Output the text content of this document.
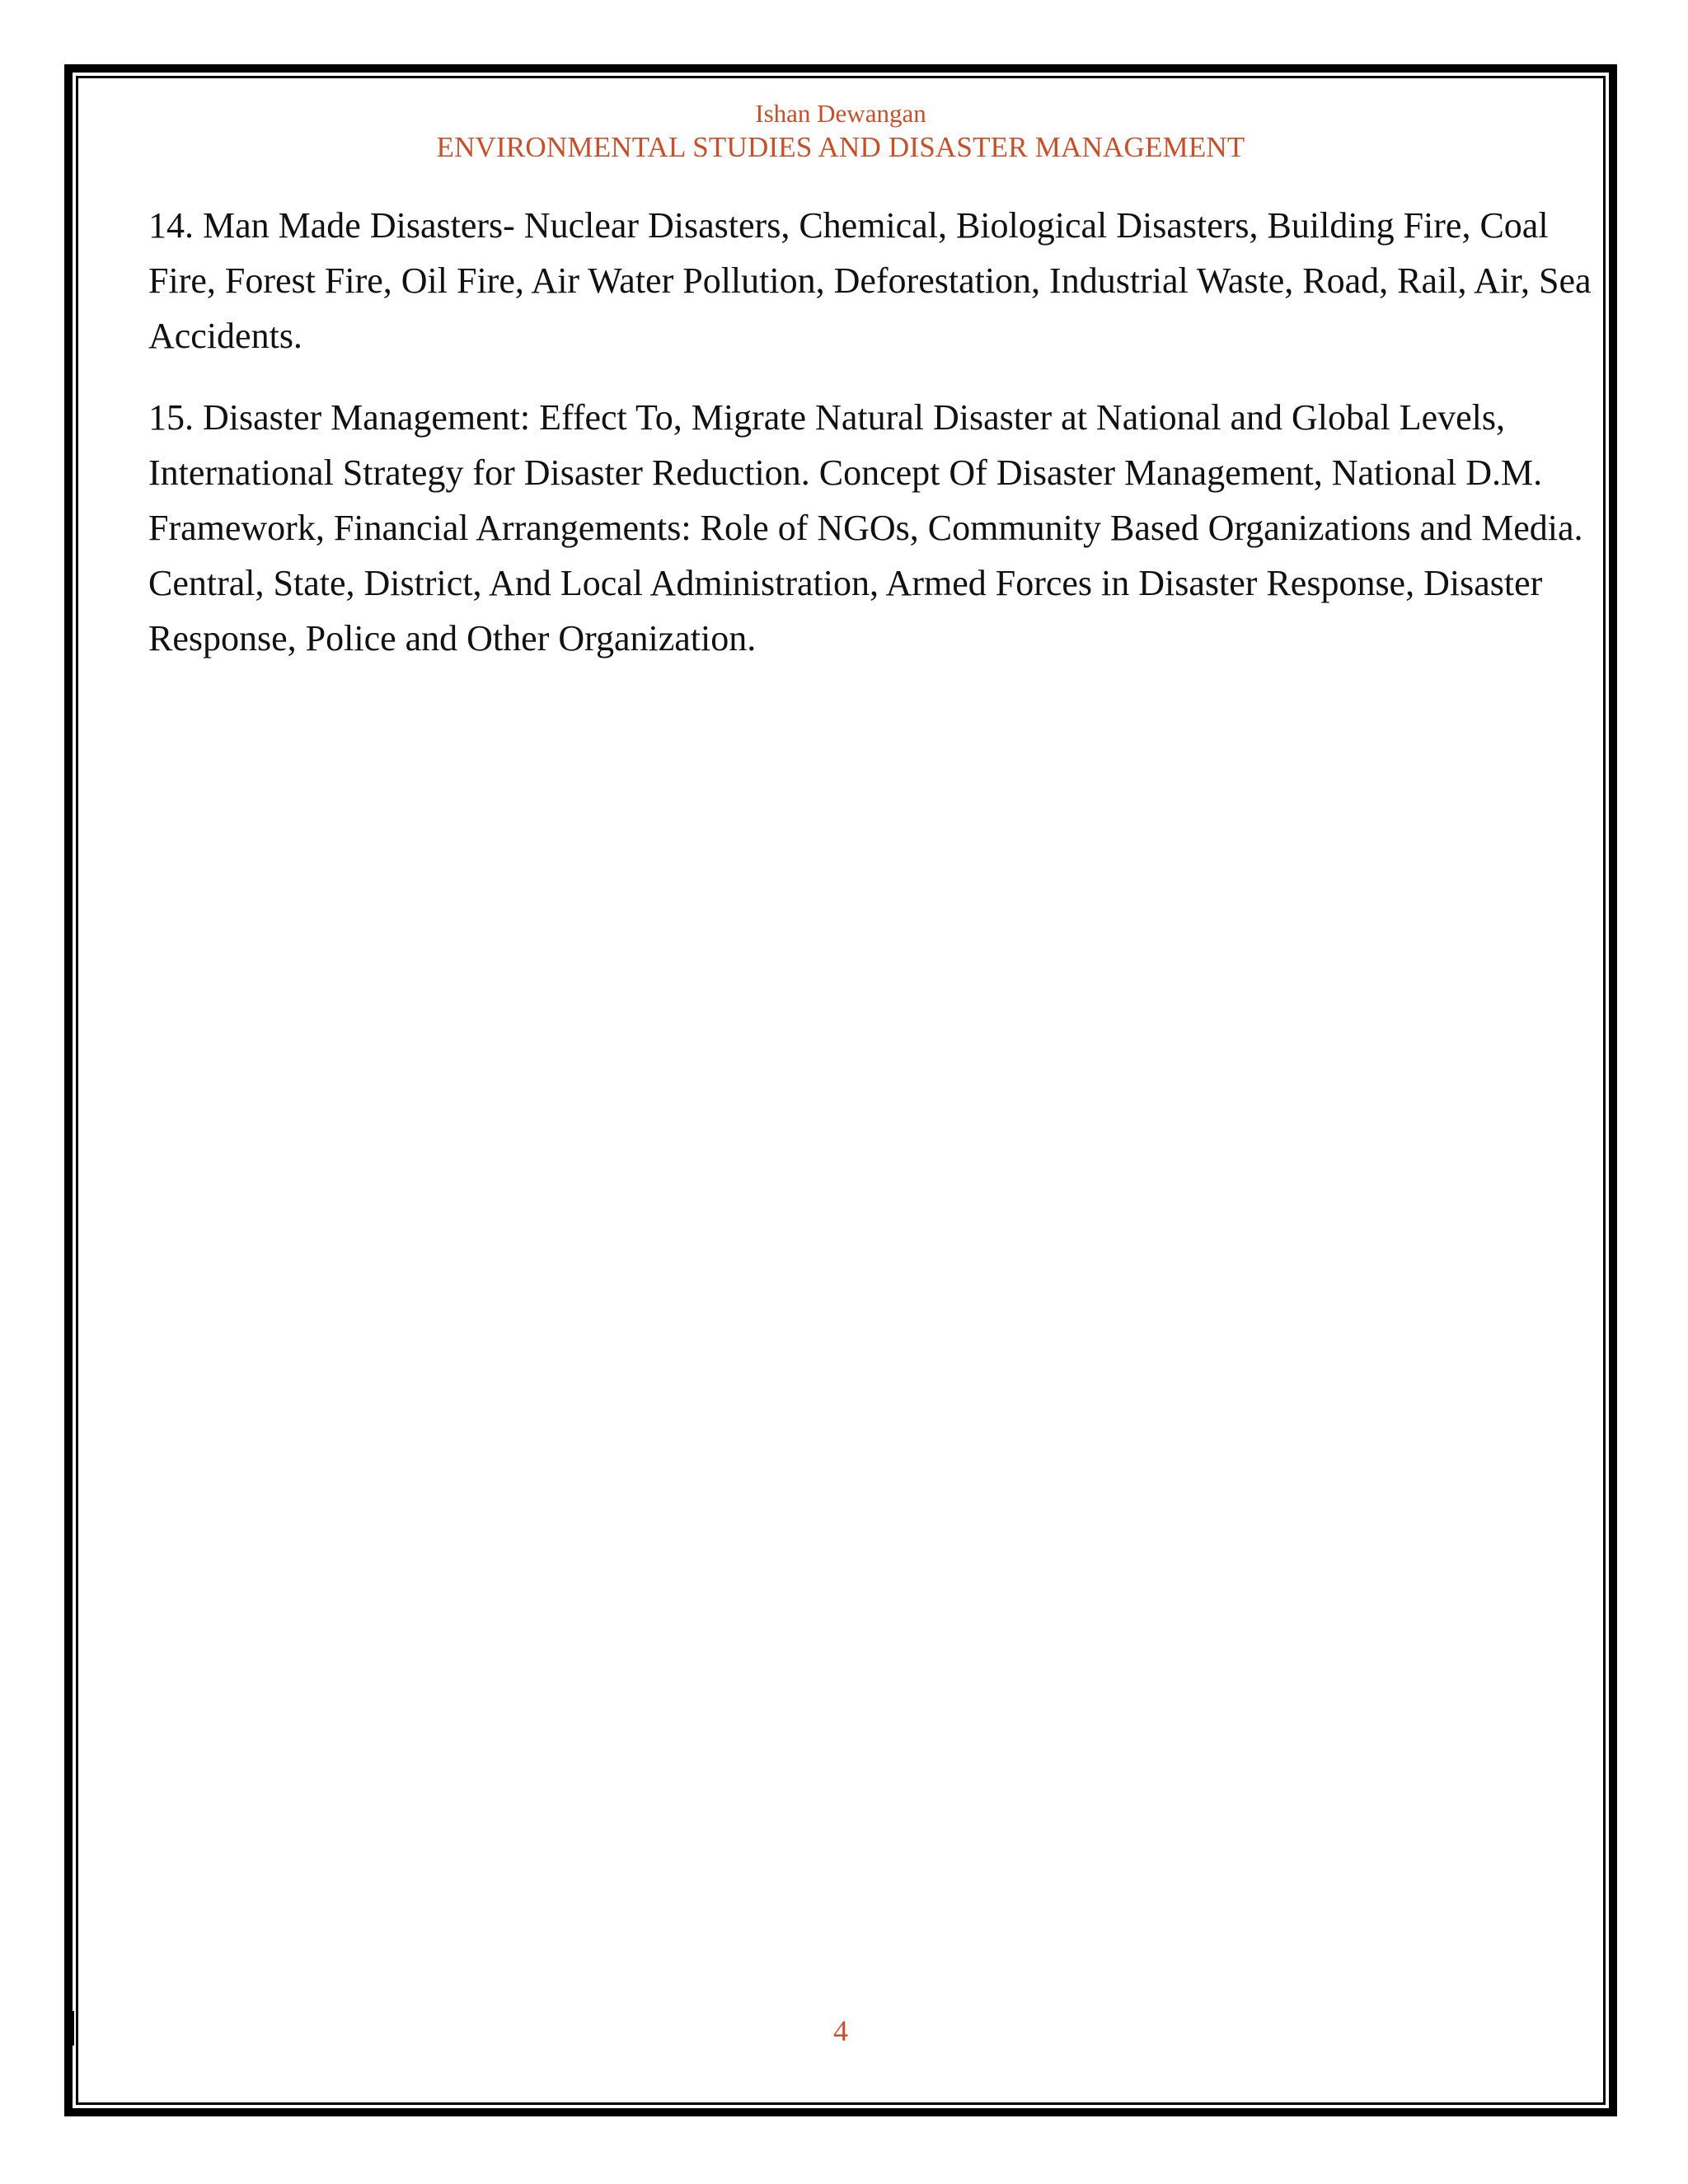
Ishan Dewangan
ENVIRONMENTAL STUDIES AND DISASTER MANAGEMENT

14. Man Made Disasters- Nuclear Disasters, Chemical, Biological Disasters, Building Fire, Coal Fire, Forest Fire, Oil Fire, Air Water Pollution, Deforestation, Industrial Waste, Road, Rail, Air, Sea Accidents.

15. Disaster Management: Effect To, Migrate Natural Disaster at National and Global Levels, International Strategy for Disaster Reduction. Concept Of Disaster Management, National D.M. Framework, Financial Arrangements: Role of NGOs, Community Based Organizations and Media. Central, State, District, And Local Administration, Armed Forces in Disaster Response, Disaster Response, Police and Other Organization.

4
